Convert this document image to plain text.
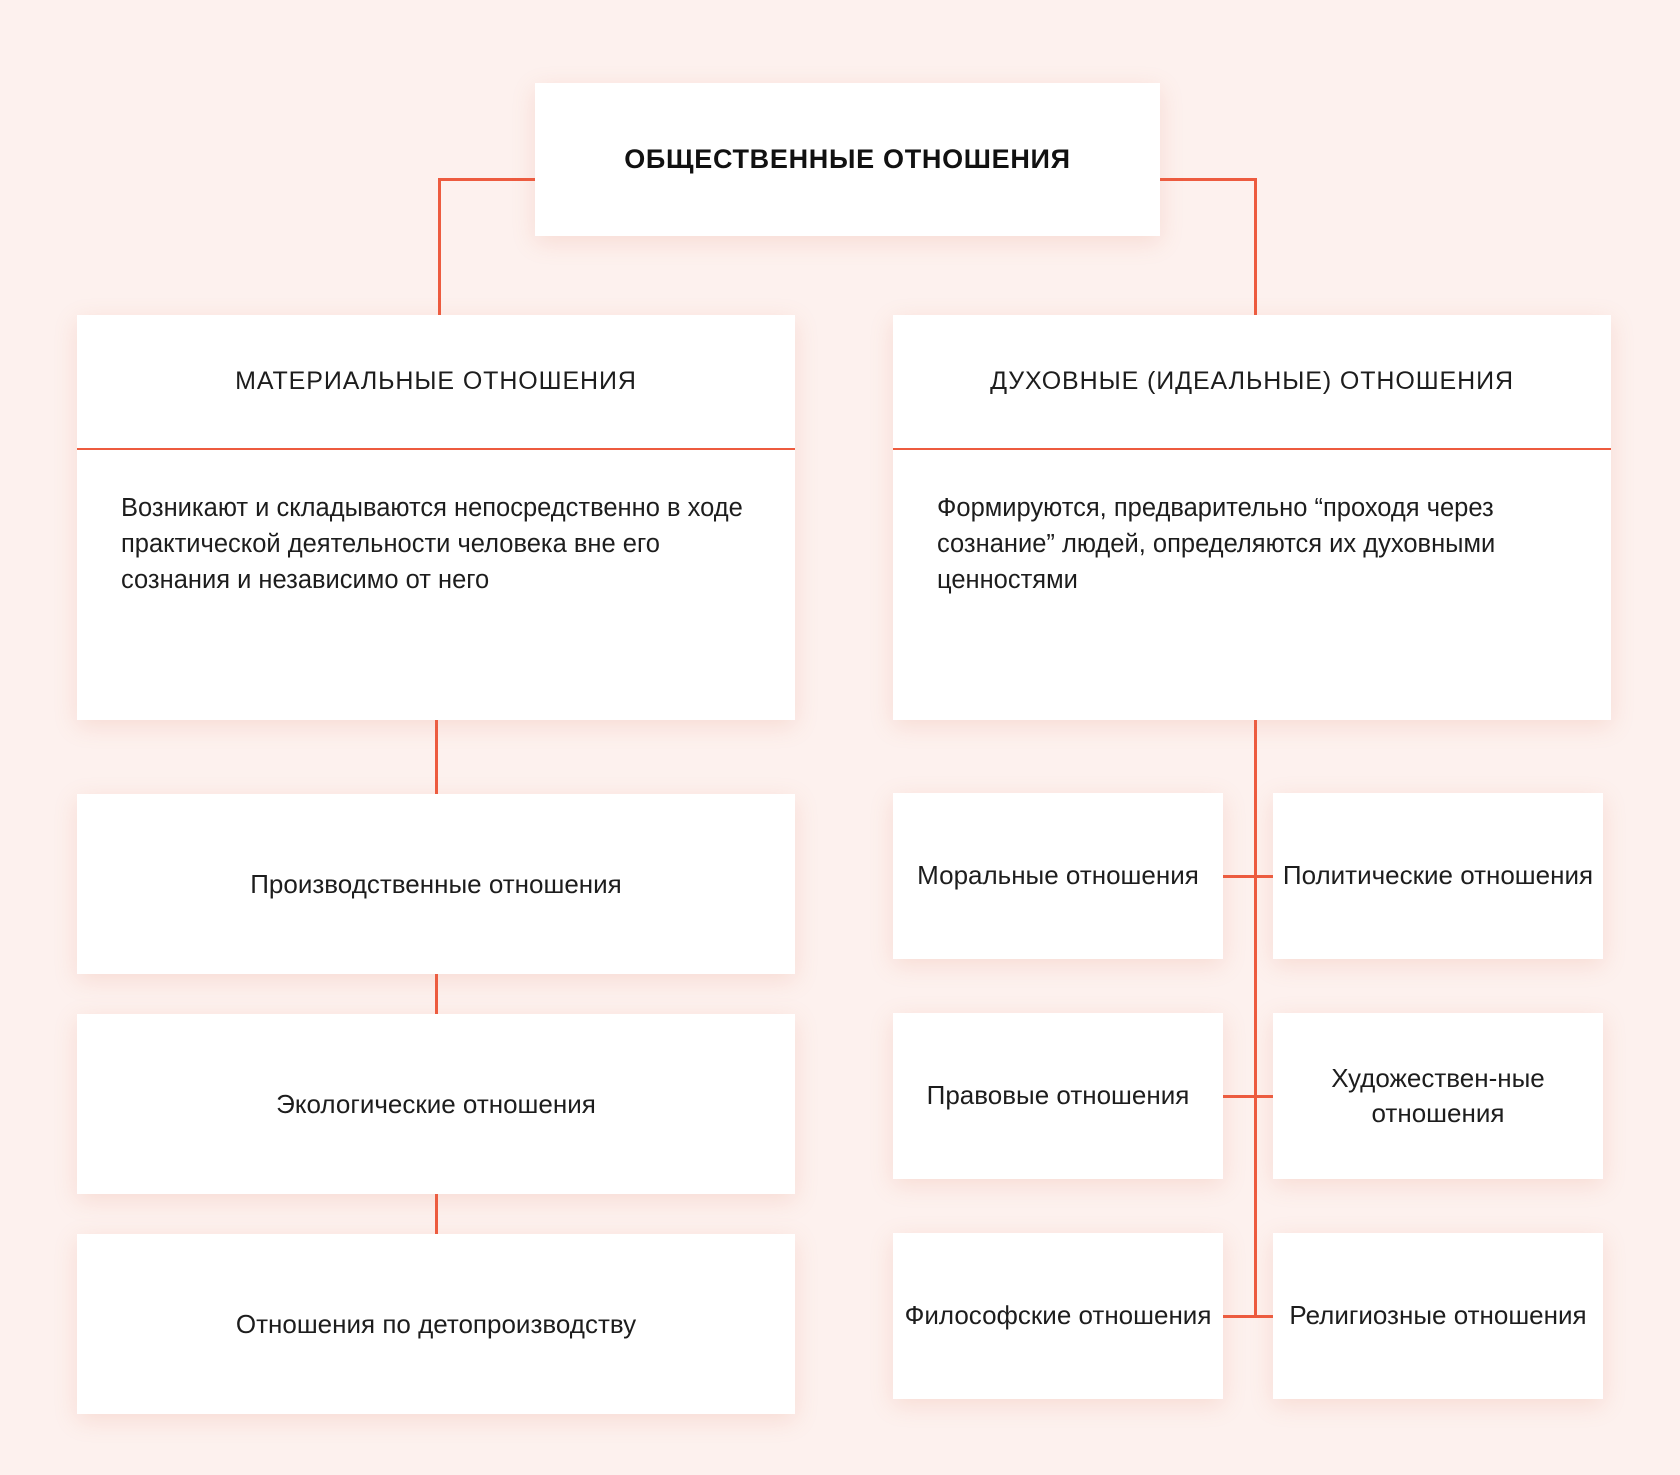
ОБЩЕСТВЕННЫЕ ОТНОШЕНИЯ
МАТЕРИАЛЬНЫЕ ОТНОШЕНИЯ
Возникают и складываются непосредственно в ходе практической деятельности человека вне его сознания и независимо от него
ДУХОВНЫЕ (ИДЕАЛЬНЫЕ) ОТНОШЕНИЯ
Формируются, предварительно “проходя через сознание” людей, определяются их духовными ценностями
Производственные отношения
Экологические отношения
Отношения по детопроизводству
Моральные отношения	Политические отношения
Правовые отношения
Художествен-ные отношения
Философские отношения	Религиозные отношения
